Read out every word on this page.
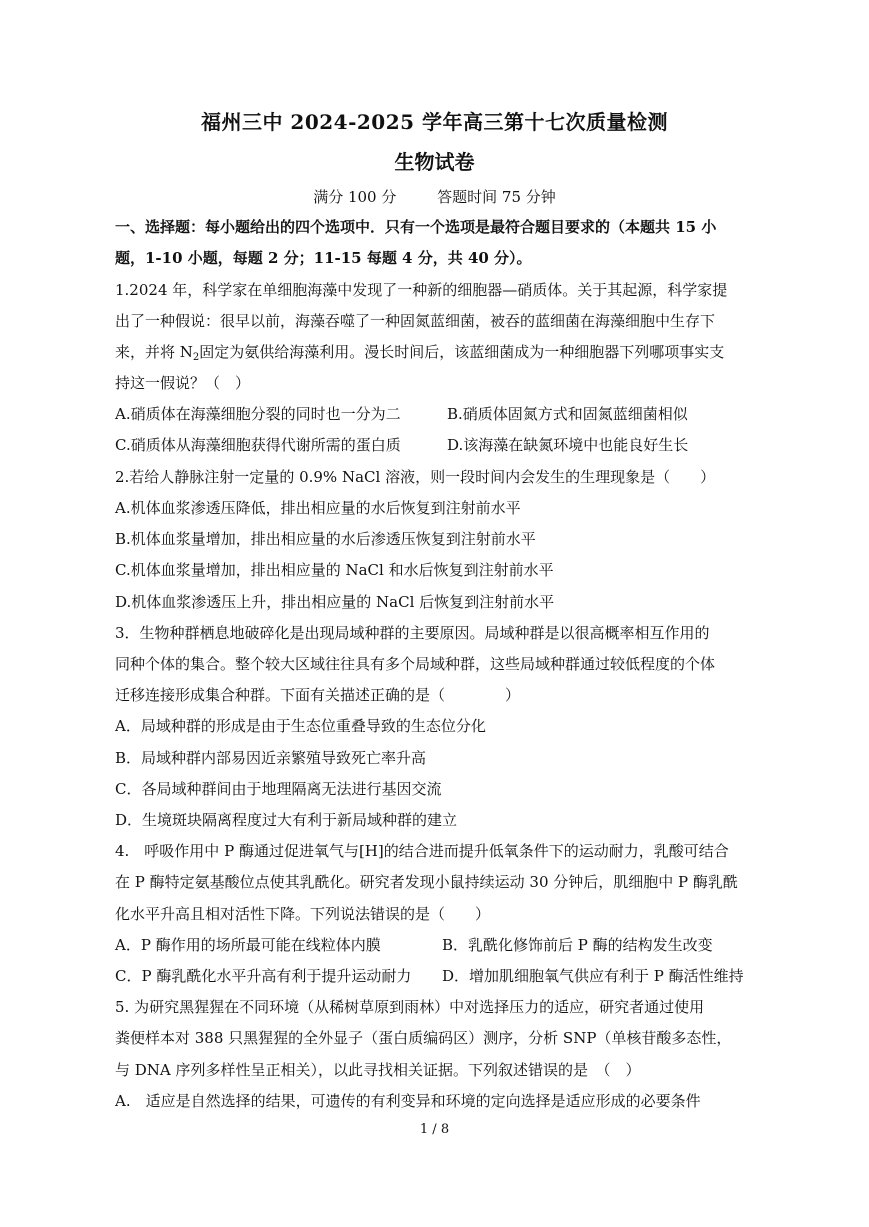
福州三中 2024-2025 学年高三第十七次质量检测
生物试卷
满分 100 分	答题时间 75 分钟
一、选择题：每小题给出的四个选项中．只有一个选项是最符合题目要求的（本题共 15 小
题，1-10 小题，每题 2 分；11-15 每题 4 分，共 40 分）。
1.2024 年，科学家在单细胞海藻中发现了一种新的细胞器—硝质体。关于其起源，科学家提
出了一种假说：很早以前，海藻吞噬了一种固氮蓝细菌，被吞的蓝细菌在海藻细胞中生存下
来，并将 $N_2$固定为氨供给海藻利用。漫长时间后，该蓝细菌成为一种细胞器下列哪项事实支
持这一假说？（　）
A.硝质体在海藻细胞分裂的同时也一分为二	B.硝质体固氮方式和固氮蓝细菌相似
C.硝质体从海藻细胞获得代谢所需的蛋白质	D.该海藻在缺氮环境中也能良好生长
2.若给人静脉注射一定量的 0.9% NaCl 溶液，则一段时间内会发生的生理现象是（　　）
A.机体血浆渗透压降低，排出相应量的水后恢复到注射前水平
B.机体血浆量增加，排出相应量的水后渗透压恢复到注射前水平
C.机体血浆量增加，排出相应量的 NaCl 和水后恢复到注射前水平
D.机体血浆渗透压上升，排出相应量的 NaCl 后恢复到注射前水平
3．生物种群栖息地破碎化是出现局域种群的主要原因。局域种群是以很高概率相互作用的
同种个体的集合。整个较大区域往往具有多个局域种群，这些局域种群通过较低程度的个体
迁移连接形成集合种群。下面有关描述正确的是（　　　　）
A．局域种群的形成是由于生态位重叠导致的生态位分化
B．局域种群内部易因近亲繁殖导致死亡率升高
C．各局域种群间由于地理隔离无法进行基因交流
D．生境斑块隔离程度过大有利于新局域种群的建立
4.　呼吸作用中 P 酶通过促进氧气与[H]的结合进而提升低氧条件下的运动耐力，乳酸可结合
在 P 酶特定氨基酸位点使其乳酰化。研究者发现小鼠持续运动 30 分钟后，肌细胞中 P 酶乳酰
化水平升高且相对活性下降。下列说法错误的是（　　）
A．P 酶作用的场所最可能在线粒体内膜	B．乳酰化修饰前后 P 酶的结构发生改变
C．P 酶乳酰化水平升高有利于提升运动耐力 D．增加肌细胞氧气供应有利于 P 酶活性维持
5. 为研究黑猩猩在不同环境（从稀树草原到雨林）中对选择压力的适应，研究者通过使用
粪便样本对 388 只黑猩猩的全外显子（蛋白质编码区）测序，分析 SNP（单核苷酸多态性，
与 DNA 序列多样性呈正相关），以此寻找相关证据。下列叙述错误的是　（　）
A.　适应是自然选择的结果，可遗传的有利变异和环境的定向选择是适应形成的必要条件
1 / 8
